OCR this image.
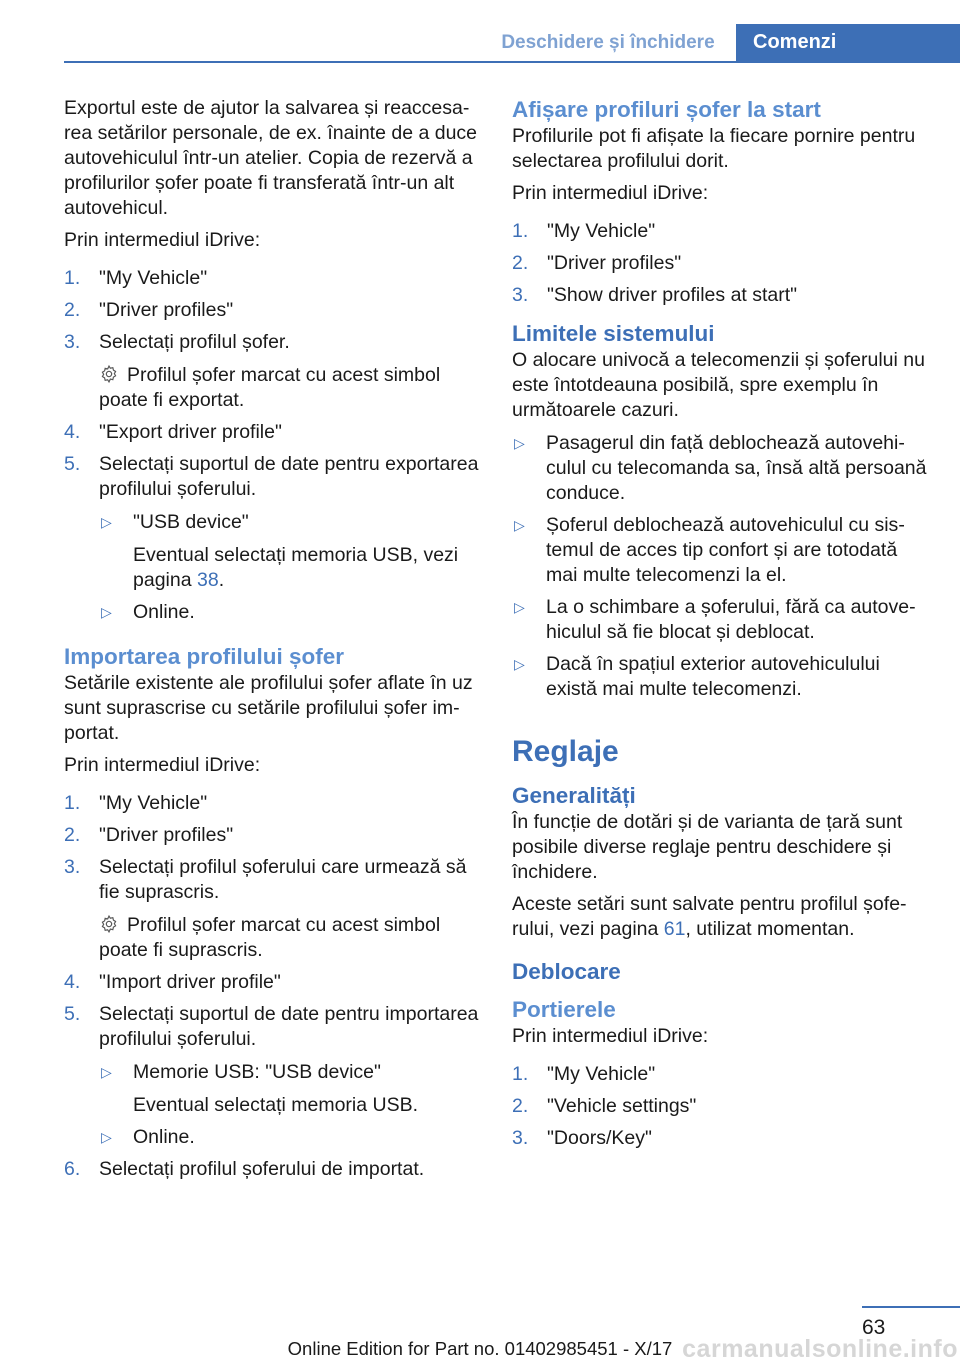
Deschidere și închidere	Comenzi

Exportul este de ajutor la salvarea și reaccesarea setărilor personale, de ex. înainte de a duce autovehiculul într-un atelier. Copia de rezervă a profilurilor șofer poate fi transferată într-un alt autovehicul.

Prin intermediul iDrive:

1. "My Vehicle"
2. "Driver profiles"
3. Selectați profilul șofer.
Profilul șofer marcat cu acest simbol poate fi exportat.
4. "Export driver profile"
5. Selectați suportul de date pentru exportarea profilului șoferului.
▷ "USB device"
Eventual selectați memoria USB, vezi pagina 38.
▷ Online.
Importarea profilului șofer

Setările existente ale profilului șofer aflate în uz sunt suprascrise cu setările profilului șofer importat.

Prin intermediul iDrive:

1. "My Vehicle"
2. "Driver profiles"
3. Selectați profilul șoferului care urmează să fie suprascris.
Profilul șofer marcat cu acest simbol poate fi suprascris.
4. "Import driver profile"
5. Selectați suportul de date pentru importarea profilului șoferului.
▷ Memorie USB: "USB device"
Eventual selectați memoria USB.
▷ Online.
6. Selectați profilul șoferului de importat.
Afișare profiluri șofer la start

Profilurile pot fi afișate la fiecare pornire pentru selectarea profilului dorit.

Prin intermediul iDrive:

1. "My Vehicle"
2. "Driver profiles"
3. "Show driver profiles at start"
Limitele sistemului

O alocare univocă a telecomenzii și șoferului nu este întotdeauna posibilă, spre exemplu în următoarele cazuri.

▷ Pasagerul din față deblochează autovehiculul cu telecomanda sa, însă altă persoană conduce.
▷ Șoferul deblochează autovehiculul cu sistemul de acces tip confort și are totodată mai multe telecomenzi la el.
▷ La o schimbare a șoferului, fără ca autovehiculul să fie blocat și deblocat.
▷ Dacă în spațiul exterior autovehiculului există mai multe telecomenzi.
Reglaje
Generalități

În funcție de dotări și de varianta de țară sunt posibile diverse reglaje pentru deschidere și închidere.

Aceste setări sunt salvate pentru profilul șoferului, vezi pagina 61, utilizat momentan.

Deblocare
Portierele

Prin intermediul iDrive:

1. "My Vehicle"
2. "Vehicle settings"
3. "Doors/Key"
63
Online Edition for Part no. 01402985451 - X/17 carmanualsonline.info
